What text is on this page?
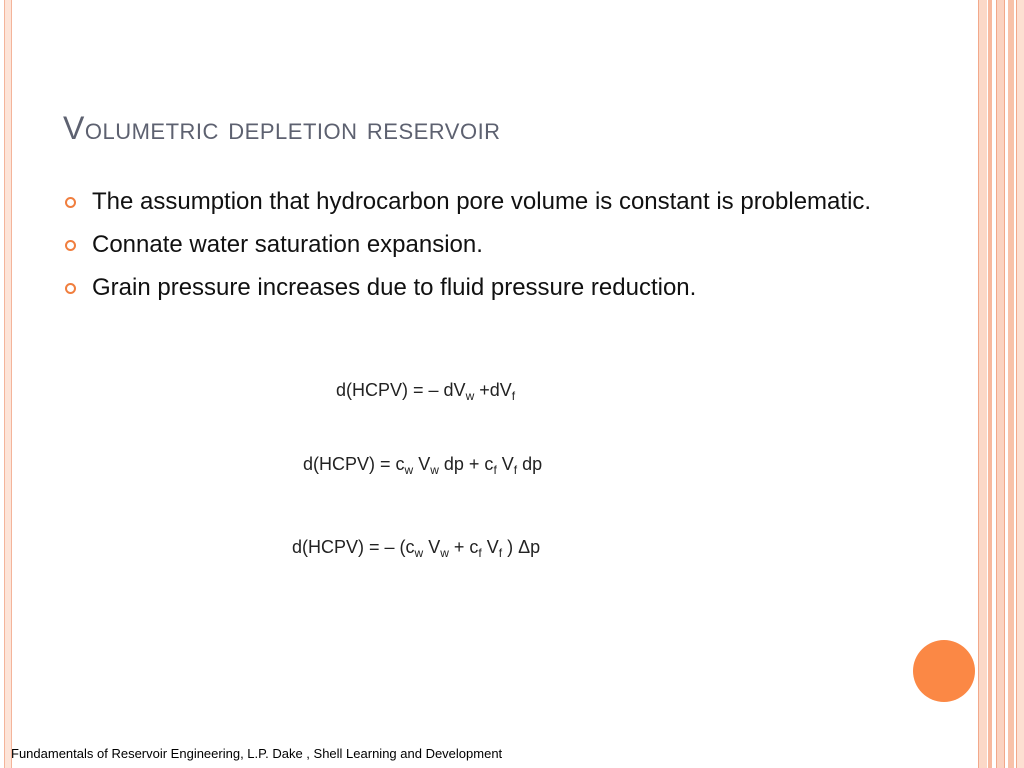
Volumetric depletion reservoir
The assumption that hydrocarbon pore volume is constant is problematic.
Connate water saturation expansion.
Grain pressure increases due to fluid pressure reduction.
d(HCPV) = – $dV_w +dV_f$
d(HCPV) = $c_w$ $V_w$ dp + $c_f$ $V_f$ dp
d(HCPV) = – ($c_w$ $V_w + c_f$ $V_f$ ) Δp
Fundamentals of Reservoir Engineering, L.P. Dake , Shell Learning and Development
